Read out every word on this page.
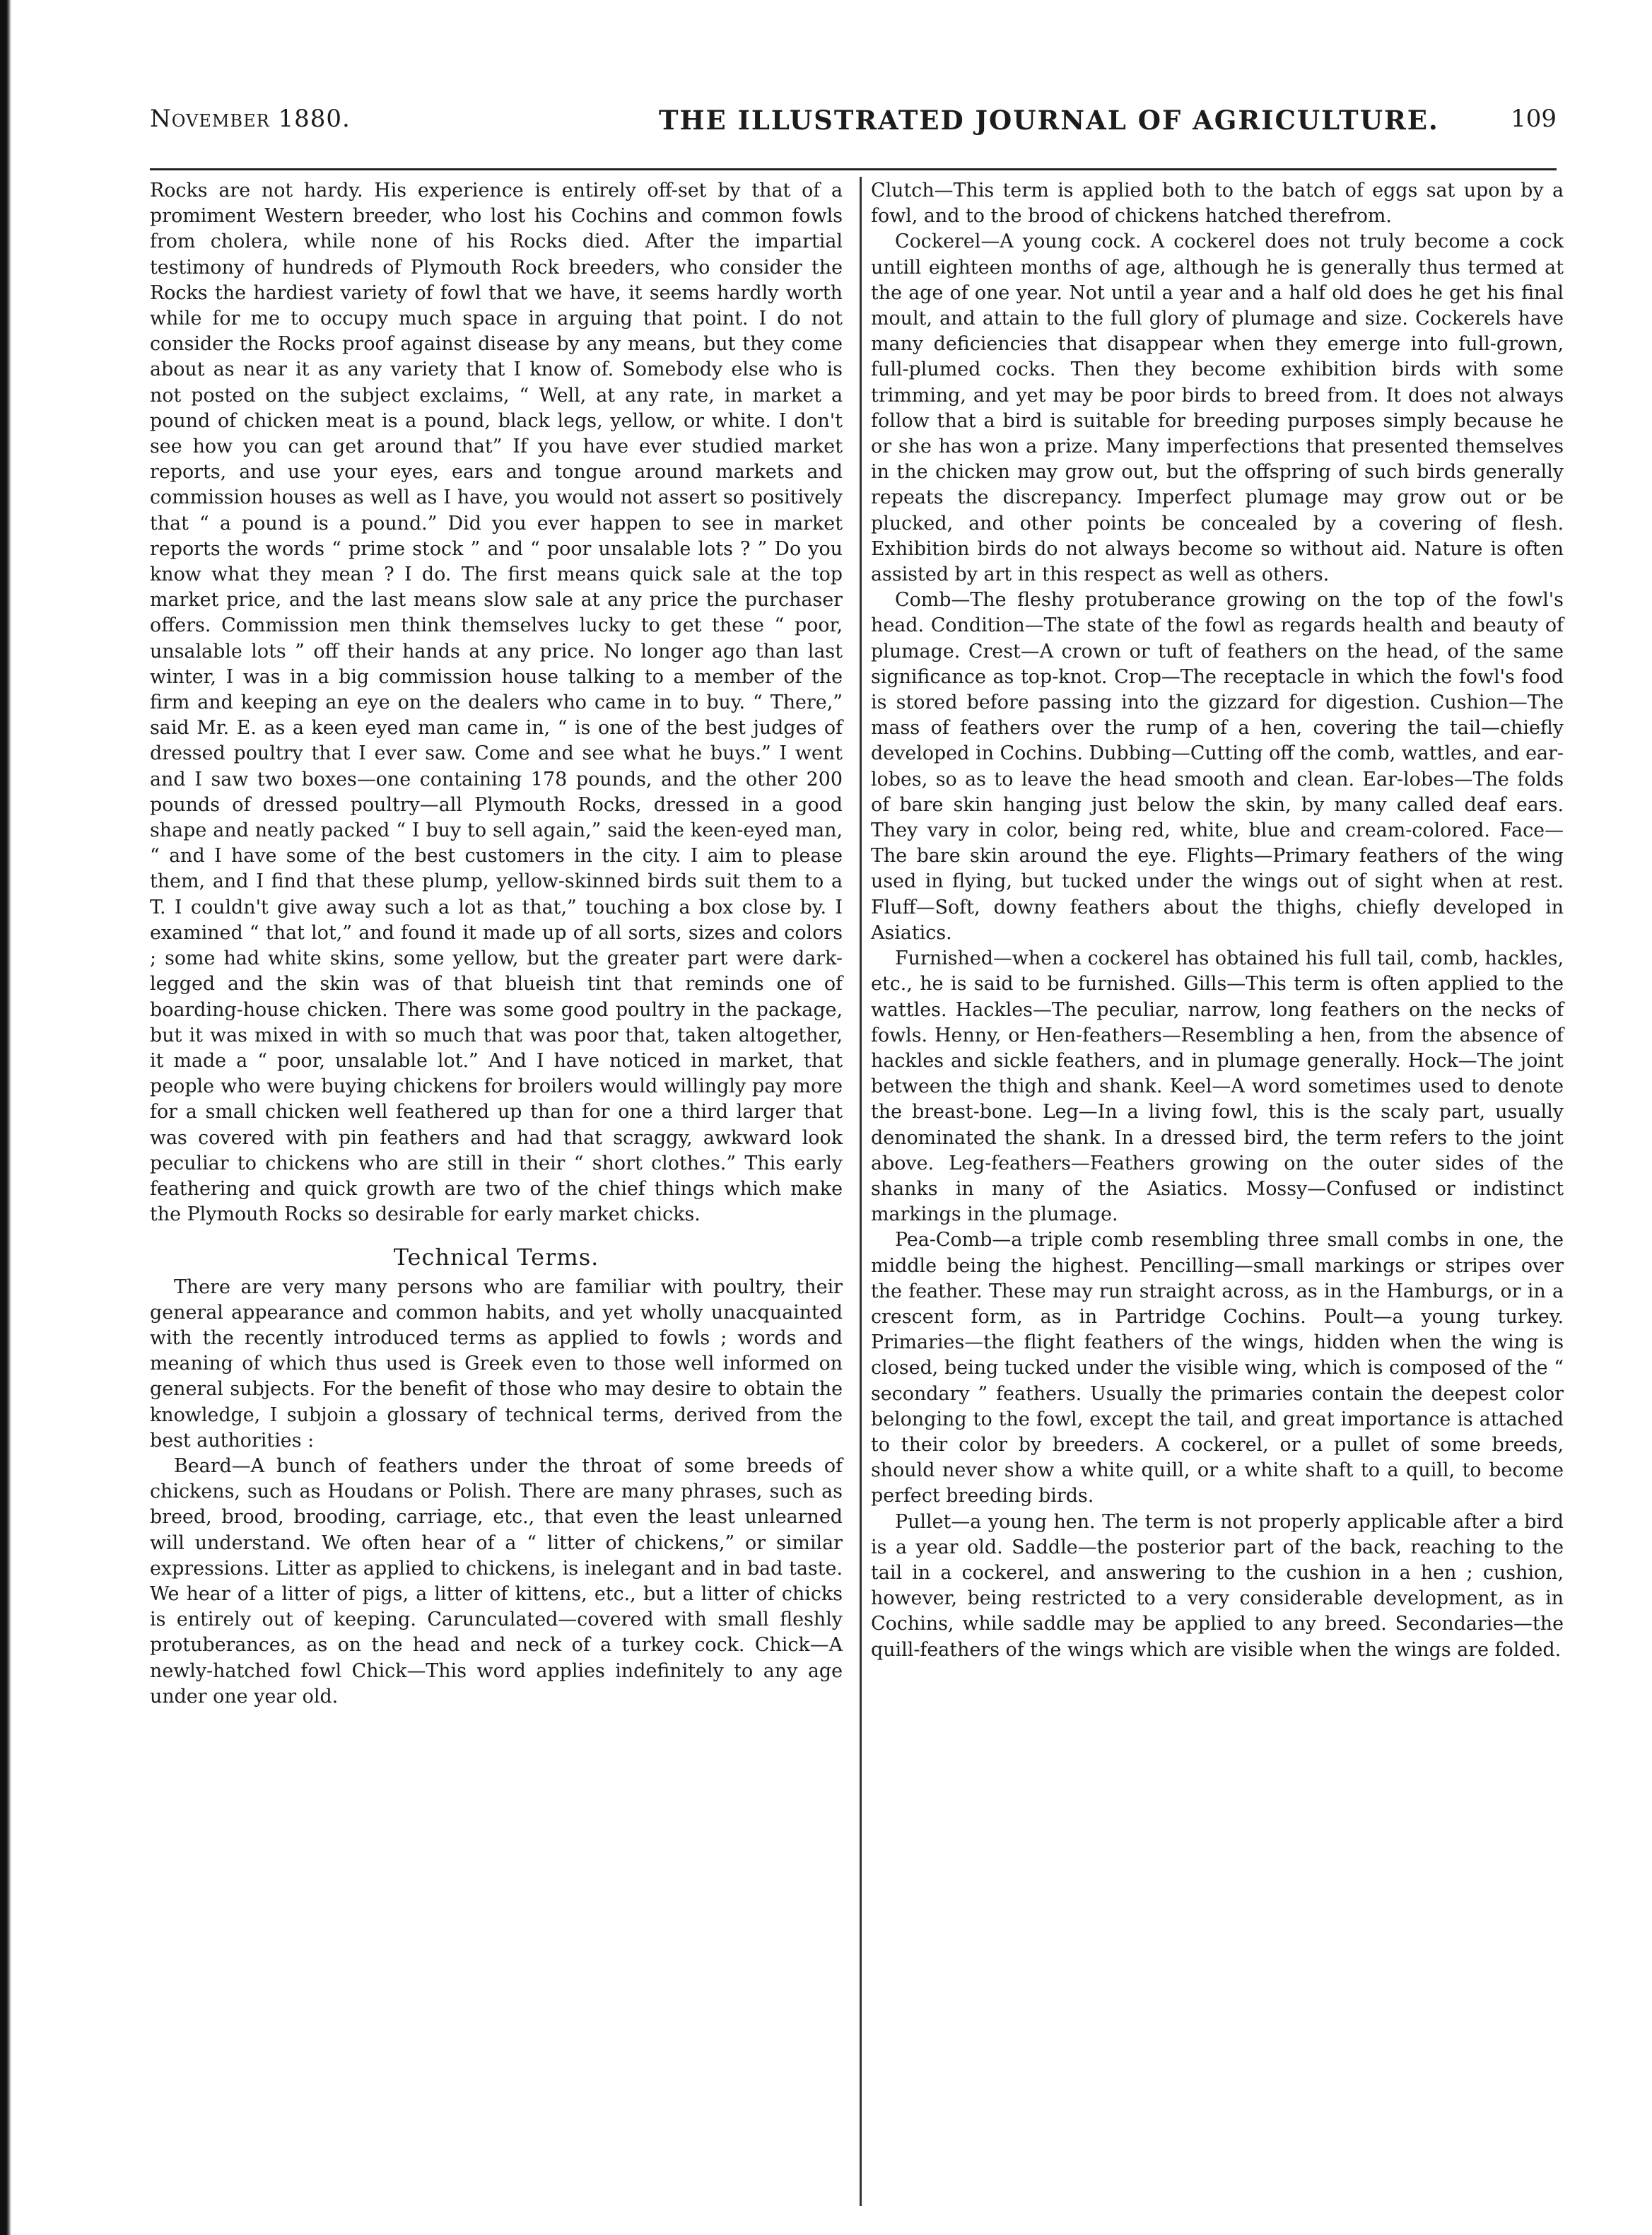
November 1880.	THE ILLUSTRATED JOURNAL OF AGRICULTURE.	109

Rocks are not hardy. His experience is entirely off-set by that of a promiment Western breeder, who lost his Cochins and common fowls from cholera, while none of his Rocks died. After the impartial testimony of hundreds of Plymouth Rock breeders, who consider the Rocks the hardiest variety of fowl that we have, it seems hardly worth while for me to occupy much space in arguing that point. I do not consider the Rocks proof against disease by any means, but they come about as near it as any variety that I know of. Somebody else who is not posted on the subject exclaims, “ Well, at any rate, in market a pound of chicken meat is a pound, black legs, yellow, or white. I don't see how you can get around that” If you have ever studied market reports, and use your eyes, ears and tongue around markets and commission houses as well as I have, you would not assert so positively that “ a pound is a pound.” Did you ever happen to see in market reports the words “ prime stock ” and “ poor unsalable lots ? ” Do you know what they mean ? I do. The first means quick sale at the top market price, and the last means slow sale at any price the purchaser offers. Commission men think themselves lucky to get these “ poor, unsalable lots ” off their hands at any price. No longer ago than last winter, I was in a big commission house talking to a member of the firm and keeping an eye on the dealers who came in to buy. “ There,” said Mr. E. as a keen eyed man came in, “ is one of the best judges of dressed poultry that I ever saw. Come and see what he buys.” I went and I saw two boxes—one containing 178 pounds, and the other 200 pounds of dressed poultry—all Plymouth Rocks, dressed in a good shape and neatly packed “ I buy to sell again,” said the keen-eyed man, “ and I have some of the best customers in the city. I aim to please them, and I find that these plump, yellow-skinned birds suit them to a T. I couldn't give away such a lot as that,” touching a box close by. I examined “ that lot,” and found it made up of all sorts, sizes and colors ; some had white skins, some yellow, but the greater part were dark-legged and the skin was of that blueish tint that reminds one of boarding-house chicken. There was some good poultry in the package, but it was mixed in with so much that was poor that, taken altogether, it made a “ poor, unsalable lot.” And I have noticed in market, that people who were buying chickens for broilers would willingly pay more for a small chicken well feathered up than for one a third larger that was covered with pin feathers and had that scraggy, awkward look peculiar to chickens who are still in their “ short clothes.” This early feathering and quick growth are two of the chief things which make the Plymouth Rocks so desirable for early market chicks.

Technical Terms.

There are very many persons who are familiar with poultry, their general appearance and common habits, and yet wholly unacquainted with the recently introduced terms as applied to fowls ; words and meaning of which thus used is Greek even to those well informed on general subjects. For the benefit of those who may desire to obtain the knowledge, I subjoin a glossary of technical terms, derived from the best authorities :

Beard—A bunch of feathers under the throat of some breeds of chickens, such as Houdans or Polish. There are many phrases, such as breed, brood, brooding, carriage, etc., that even the least unlearned will understand. We often hear of a “ litter of chickens,” or similar expressions. Litter as applied to chickens, is inelegant and in bad taste. We hear of a litter of pigs, a litter of kittens, etc., but a litter of chicks is entirely out of keeping. Carunculated—covered with small fleshly protuberances, as on the head and neck of a turkey cock. Chick—A newly-hatched fowl Chick—This word applies indefinitely to any age under one year old.

Clutch—This term is applied both to the batch of eggs sat upon by a fowl, and to the brood of chickens hatched therefrom.

Cockerel—A young cock. A cockerel does not truly become a cock untill eighteen months of age, although he is generally thus termed at the age of one year. Not until a year and a half old does he get his final moult, and attain to the full glory of plumage and size. Cockerels have many deficiencies that disappear when they emerge into full-grown, full-plumed cocks. Then they become exhibition birds with some trimming, and yet may be poor birds to breed from. It does not always follow that a bird is suitable for breeding purposes simply because he or she has won a prize. Many imperfections that presented themselves in the chicken may grow out, but the offspring of such birds generally repeats the discrepancy. Imperfect plumage may grow out or be plucked, and other points be concealed by a covering of flesh. Exhibition birds do not always become so without aid. Nature is often assisted by art in this respect as well as others.

Comb—The fleshy protuberance growing on the top of the fowl's head. Condition—The state of the fowl as regards health and beauty of plumage. Crest—A crown or tuft of feathers on the head, of the same significance as top-knot. Crop—The receptacle in which the fowl's food is stored before passing into the gizzard for digestion. Cushion—The mass of feathers over the rump of a hen, covering the tail—chiefly developed in Cochins. Dubbing—Cutting off the comb, wattles, and ear-lobes, so as to leave the head smooth and clean. Ear-lobes—The folds of bare skin hanging just below the skin, by many called deaf ears. They vary in color, being red, white, blue and cream-colored. Face—The bare skin around the eye. Flights—Primary feathers of the wing used in flying, but tucked under the wings out of sight when at rest. Fluff—Soft, downy feathers about the thighs, chiefly developed in Asiatics.

Furnished—when a cockerel has obtained his full tail, comb, hackles, etc., he is said to be furnished. Gills—This term is often applied to the wattles. Hackles—The peculiar, narrow, long feathers on the necks of fowls. Henny, or Hen-feathers—Resembling a hen, from the absence of hackles and sickle feathers, and in plumage generally. Hock—The joint between the thigh and shank. Keel—A word sometimes used to denote the breast-bone. Leg—In a living fowl, this is the scaly part, usually denominated the shank. In a dressed bird, the term refers to the joint above. Leg-feathers—Feathers growing on the outer sides of the shanks in many of the Asiatics. Mossy—Confused or indistinct markings in the plumage.

Pea-Comb—a triple comb resembling three small combs in one, the middle being the highest. Pencilling—small markings or stripes over the feather. These may run straight across, as in the Hamburgs, or in a crescent form, as in Partridge Cochins. Poult—a young turkey. Primaries—the flight feathers of the wings, hidden when the wing is closed, being tucked under the visible wing, which is composed of the “ secondary ” feathers. Usually the primaries contain the deepest color belonging to the fowl, except the tail, and great importance is attached to their color by breeders. A cockerel, or a pullet of some breeds, should never show a white quill, or a white shaft to a quill, to become perfect breeding birds.

Pullet—a young hen. The term is not properly applicable after a bird is a year old. Saddle—the posterior part of the back, reaching to the tail in a cockerel, and answering to the cushion in a hen ; cushion, however, being restricted to a very considerable development, as in Cochins, while saddle may be applied to any breed. Secondaries—the quill-feathers of the wings which are visible when the wings are folded.
